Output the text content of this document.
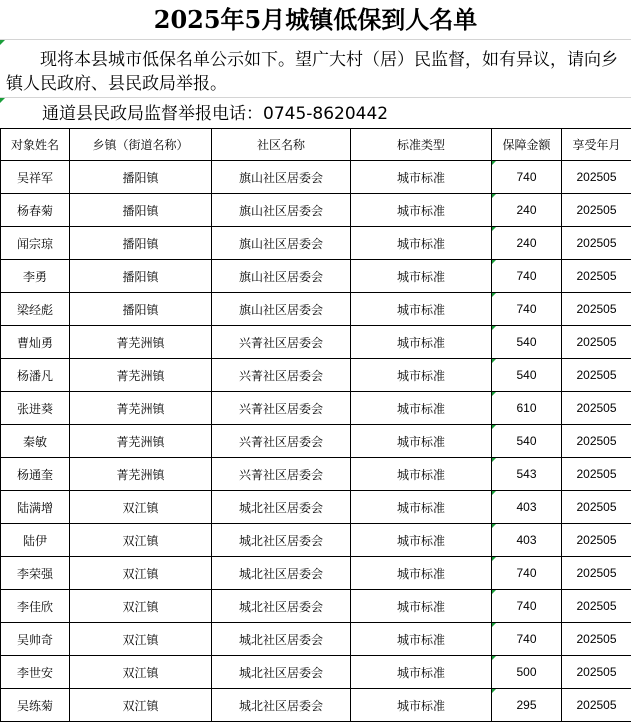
2025年5月城镇低保到人名单
现将本县城市低保名单公示如下。望广大村（居）民监督，如有异议，请向乡镇人民政府、县民政局举报。
通道县民政局监督举报电话：0745-8620442
对象姓名	乡镇（街道名称）	社区名称	标准类型	保障金额	享受年月
吴祥军	播阳镇	旗山社区居委会	城市标准	740	202505
杨春菊	播阳镇	旗山社区居委会	城市标准	240	202505
闻宗琼	播阳镇	旗山社区居委会	城市标准	240	202505
李勇	播阳镇	旗山社区居委会	城市标准	740	202505
梁经彪	播阳镇	旗山社区居委会	城市标准	740	202505
曹灿勇	菁芜洲镇	兴菁社区居委会	城市标准	540	202505
杨潘凡	菁芜洲镇	兴菁社区居委会	城市标准	540	202505
张进葵	菁芜洲镇	兴菁社区居委会	城市标准	610	202505
秦敏	菁芜洲镇	兴菁社区居委会	城市标准	540	202505
杨通奎	菁芜洲镇	兴菁社区居委会	城市标准	543	202505
陆满增	双江镇	城北社区居委会	城市标准	403	202505
陆伊	双江镇	城北社区居委会	城市标准	403	202505
李荣强	双江镇	城北社区居委会	城市标准	740	202505
李佳欣	双江镇	城北社区居委会	城市标准	740	202505
吴帅奇	双江镇	城北社区居委会	城市标准	740	202505
李世安	双江镇	城北社区居委会	城市标准	500	202505
吴练菊	双江镇	城北社区居委会	城市标准	295	202505
